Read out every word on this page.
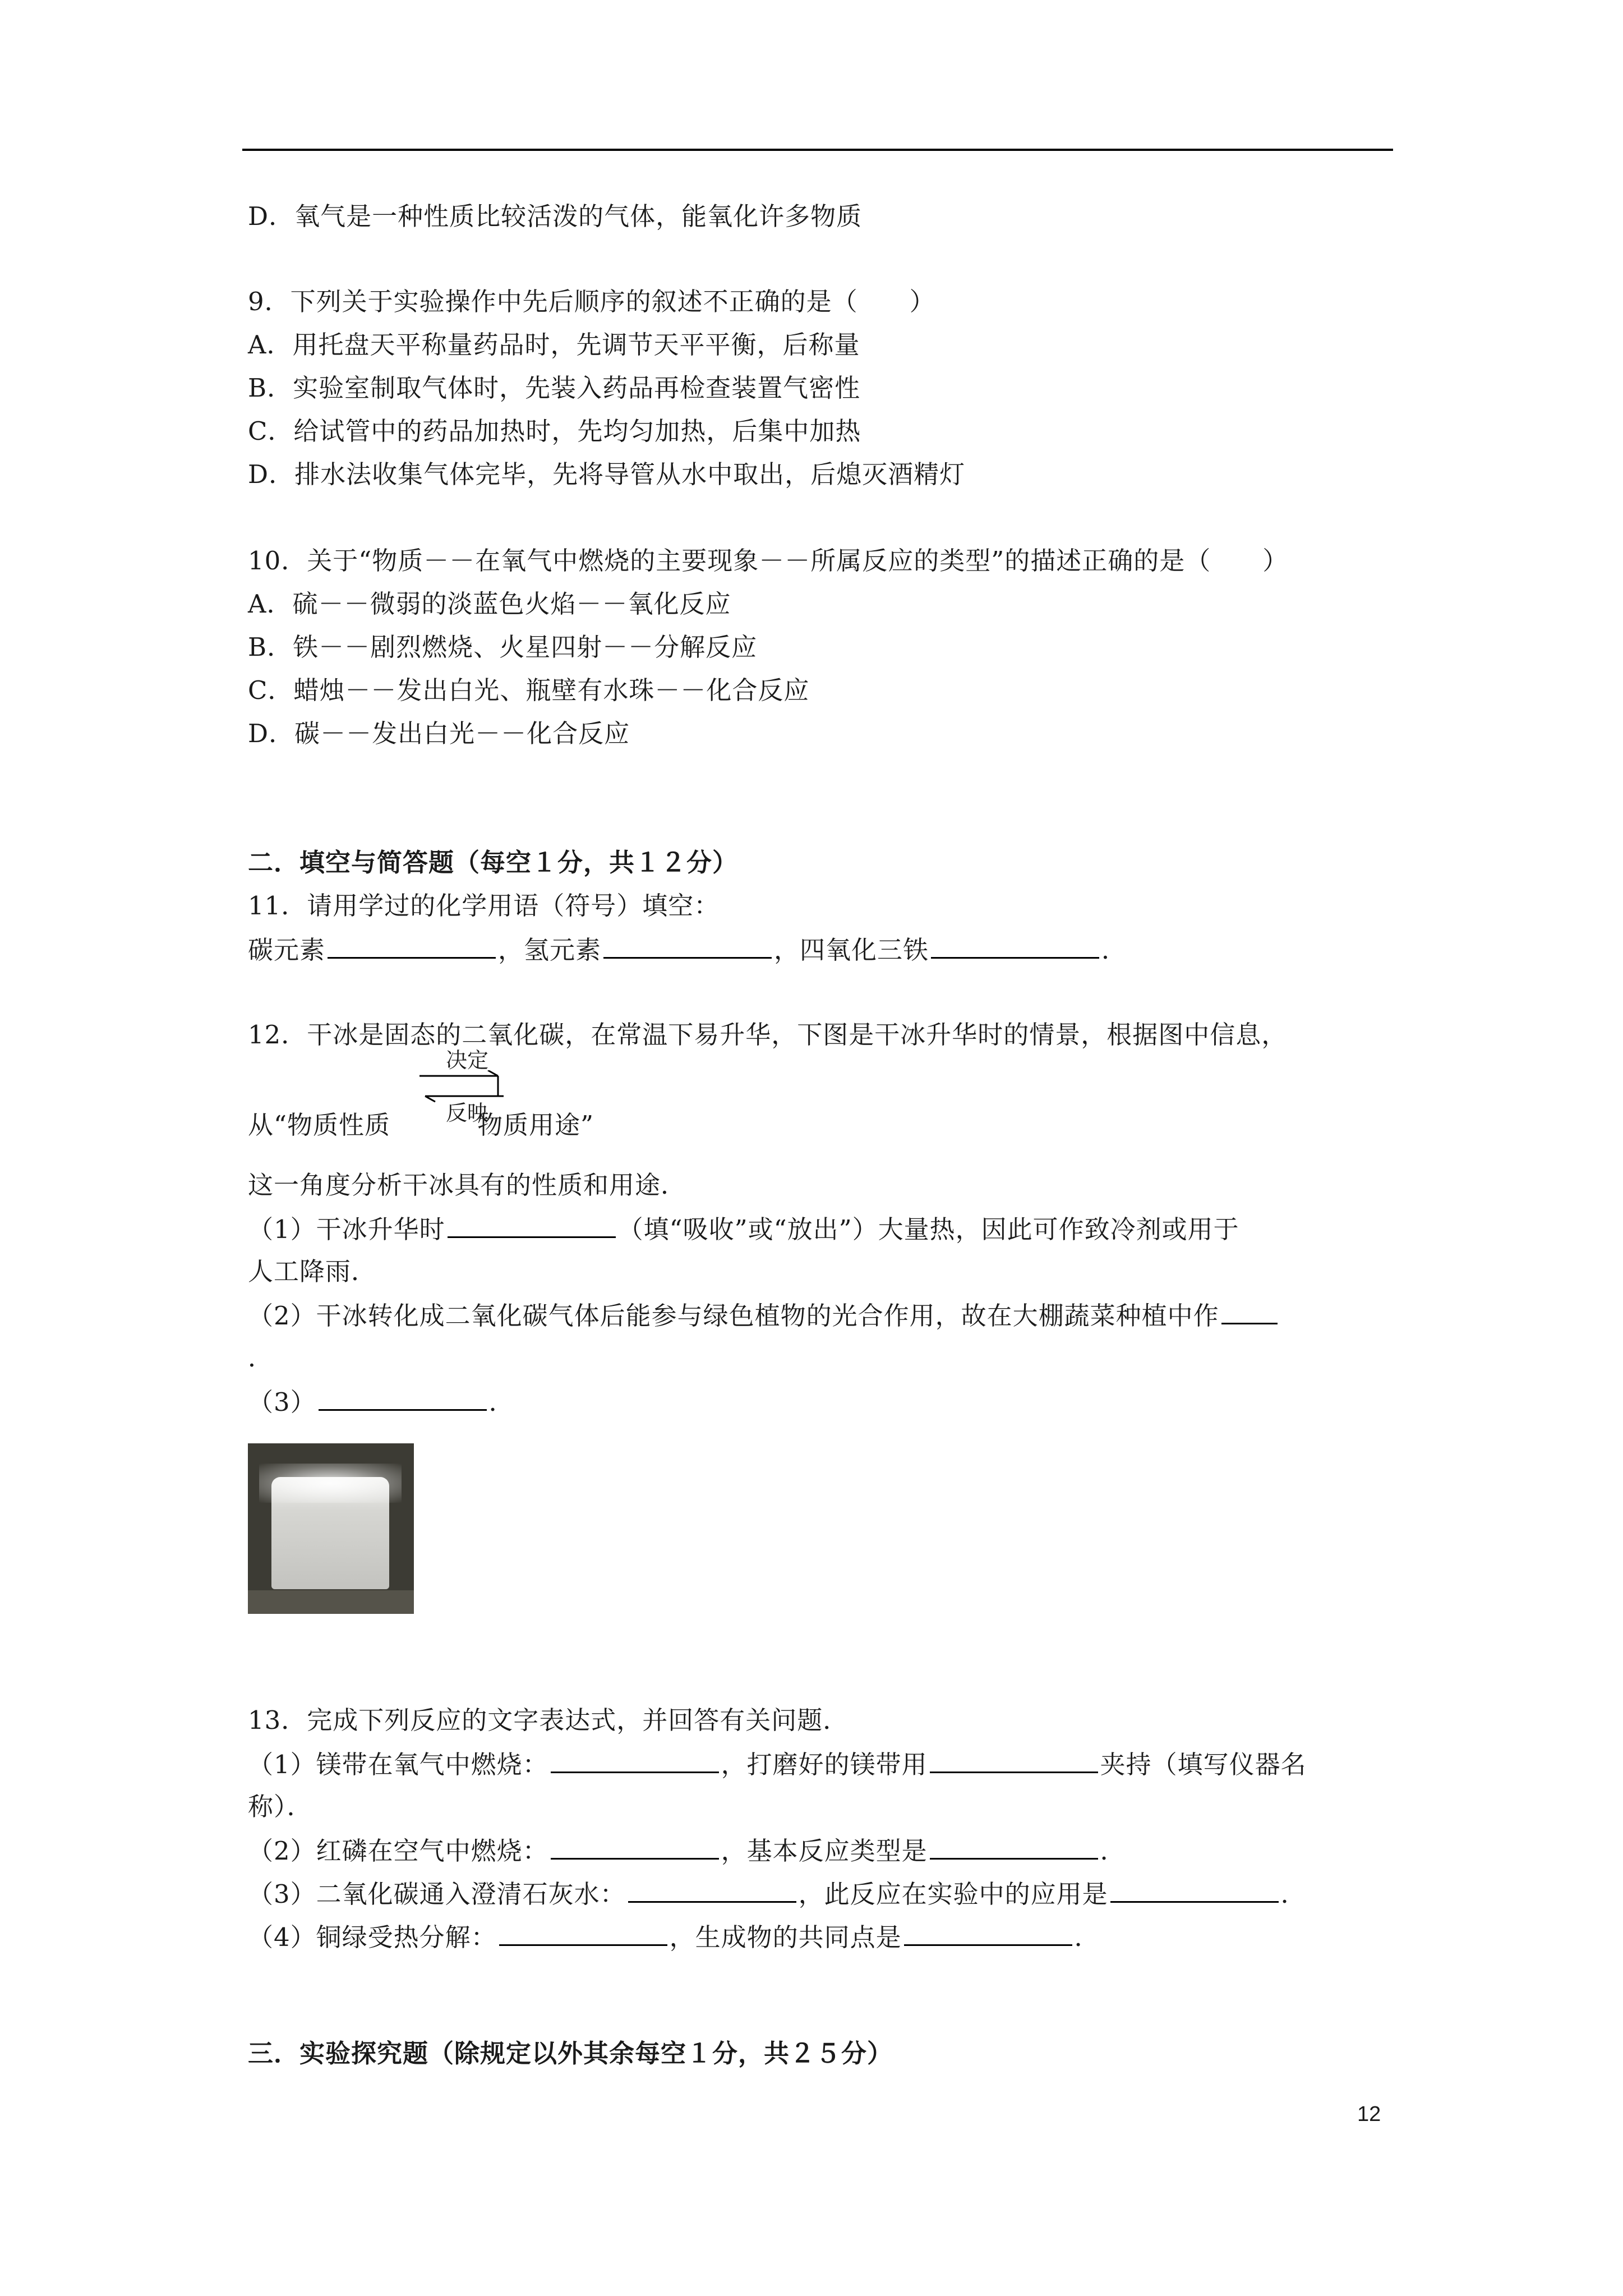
D．氧气是一种性质比较活泼的气体，能氧化许多物质
9．下列关于实验操作中先后顺序的叙述不正确的是（　　）
A．用托盘天平称量药品时，先调节天平平衡，后称量
B．实验室制取气体时，先装入药品再检查装置气密性
C．给试管中的药品加热时，先均匀加热，后集中加热
D．排水法收集气体完毕，先将导管从水中取出，后熄灭酒精灯
10．关于“物质－－在氧气中燃烧的主要现象－－所属反应的类型”的描述正确的是（　　）
A．硫－－微弱的淡蓝色火焰－－氧化反应
B．铁－－剧烈燃烧、火星四射－－分解反应
C．蜡烛－－发出白光、瓶壁有水珠－－化合反应
D．碳－－发出白光－－化合反应
二．填空与简答题（每空１分，共１２分）
11．请用学过的化学用语（符号）填空：
碳元素	，氢元素	，四氧化三铁	．
12．干冰是固态的二氧化碳，在常温下易升华，下图是干冰升华时的情景，根据图中信息，
决定
反映
从“物质性质	物质用途”
这一角度分析干冰具有的性质和用途．
（1）干冰升华时	（填“吸收”或“放出”）大量热，因此可作致冷剂或用于
人工降雨．
（2）干冰转化成二氧化碳气体后能参与绿色植物的光合作用，故在大棚蔬菜种植中作
．
（3）	．
13．完成下列反应的文字表达式，并回答有关问题．
（1）镁带在氧气中燃烧：	，打磨好的镁带用	夹持（填写仪器名
称）．
（2）红磷在空气中燃烧：	，基本反应类型是	．
（3）二氧化碳通入澄清石灰水：	，此反应在实验中的应用是	．
（4）铜绿受热分解：	，生成物的共同点是	．
三．实验探究题（除规定以外其余每空１分，共２５分）
12
